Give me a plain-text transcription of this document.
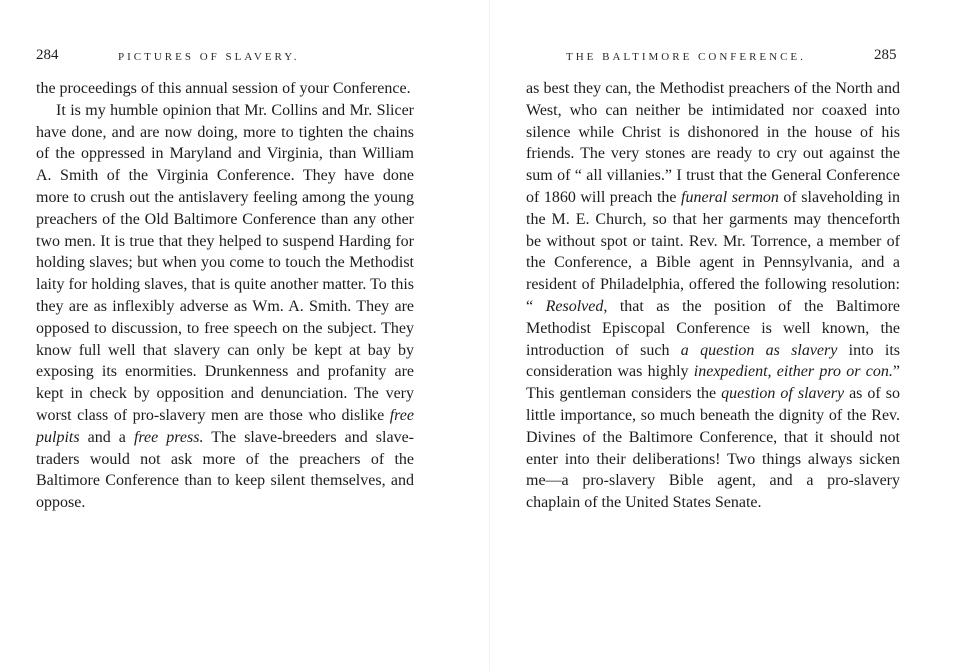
284	PICTURES OF SLAVERY.

the proceedings of this annual session of your Conference.

It is my humble opinion that Mr. Collins and Mr. Slicer have done, and are now doing, more to tighten the chains of the oppressed in Maryland and Virginia, than William A. Smith of the Virginia Conference. They have done more to crush out the antislavery feeling among the young preachers of the Old Baltimore Conference than any other two men. It is true that they helped to suspend Harding for holding slaves; but when you come to touch the Methodist laity for holding slaves, that is quite another matter. To this they are as inflexibly adverse as Wm. A. Smith. They are opposed to discussion, to free speech on the subject. They know full well that slavery can only be kept at bay by exposing its enormities. Drunkenness and profanity are kept in check by opposition and denunciation. The very worst class of pro-slavery men are those who dislike free pulpits and a free press. The slave-breeders and slave-traders would not ask more of the preachers of the Baltimore Conference than to keep silent themselves, and oppose.

THE BALTIMORE CONFERENCE.	285

as best they can, the Methodist preachers of the North and West, who can neither be intimidated nor coaxed into silence while Christ is dishonored in the house of his friends. The very stones are ready to cry out against the sum of “ all villanies.” I trust that the General Conference of 1860 will preach the funeral sermon of slaveholding in the M. E. Church, so that her garments may thenceforth be without spot or taint. Rev. Mr. Torrence, a member of the Conference, a Bible agent in Pennsylvania, and a resident of Philadelphia, offered the following resolution: “ Resolved, that as the position of the Baltimore Methodist Episcopal Conference is well known, the introduction of such a question as slavery into its consideration was highly inexpedient, either pro or con.” This gentleman considers the question of slavery as of so little importance, so much beneath the dignity of the Rev. Divines of the Baltimore Conference, that it should not enter into their deliberations! Two things always sicken me—a pro-slavery Bible agent, and a pro-slavery chaplain of the United States Senate.
